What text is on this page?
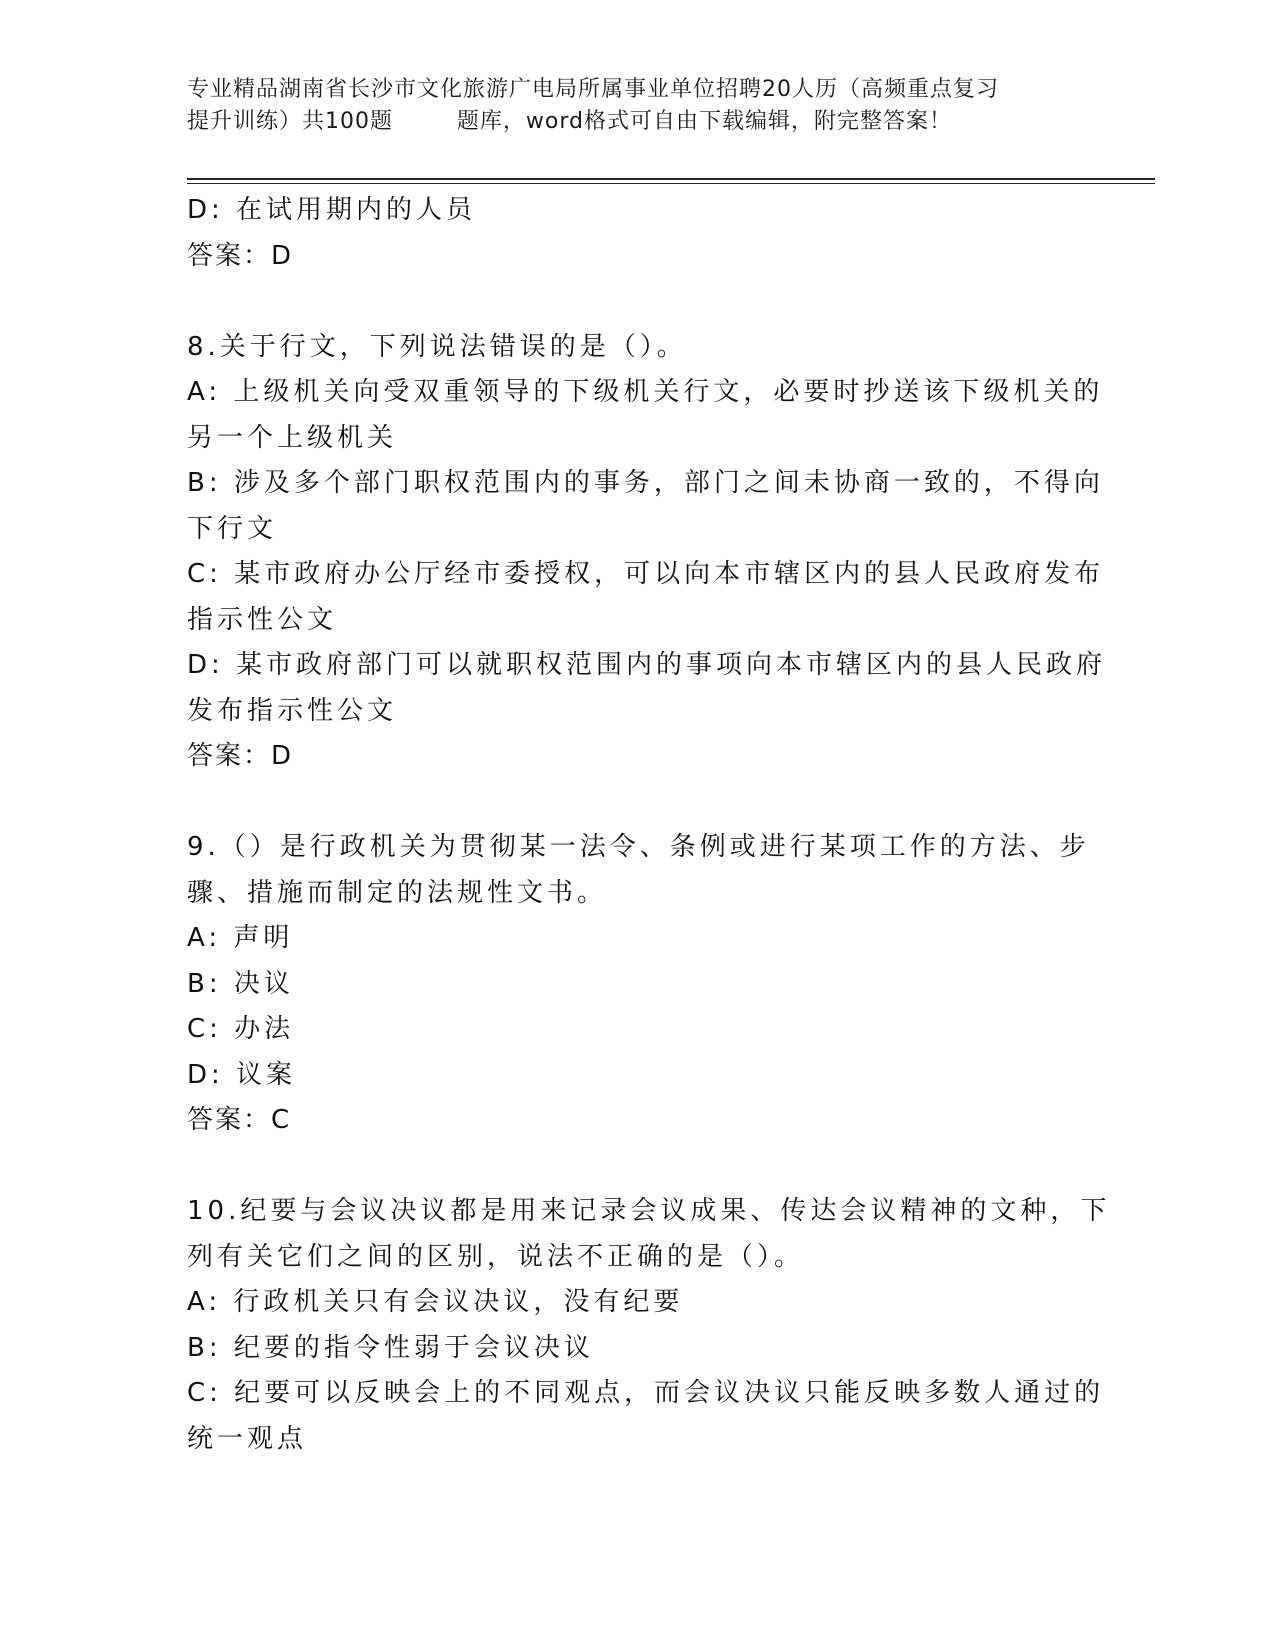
专业精品湖南省长沙市文化旅游广电局所属事业单位招聘20人历（高频重点复习
提升训练）共100题        题库，word格式可自由下载编辑，附完整答案！
D: 在试用期内的人员
答案：D
8.关于行文，下列说法错误的是（）。
A: 上级机关向受双重领导的下级机关行文，必要时抄送该下级机关的
另一个上级机关
B: 涉及多个部门职权范围内的事务，部门之间未协商一致的，不得向
下行文
C: 某市政府办公厅经市委授权，可以向本市辖区内的县人民政府发布
指示性公文
D: 某市政府部门可以就职权范围内的事项向本市辖区内的县人民政府
发布指示性公文
答案：D
9.（）是行政机关为贯彻某一法令、条例或进行某项工作的方法、步
骤、措施而制定的法规性文书。
A: 声明
B: 决议
C: 办法
D: 议案
答案：C
10.纪要与会议决议都是用来记录会议成果、传达会议精神的文种，下
列有关它们之间的区别，说法不正确的是（）。
A: 行政机关只有会议决议，没有纪要
B: 纪要的指令性弱于会议决议
C: 纪要可以反映会上的不同观点，而会议决议只能反映多数人通过的
统一观点
